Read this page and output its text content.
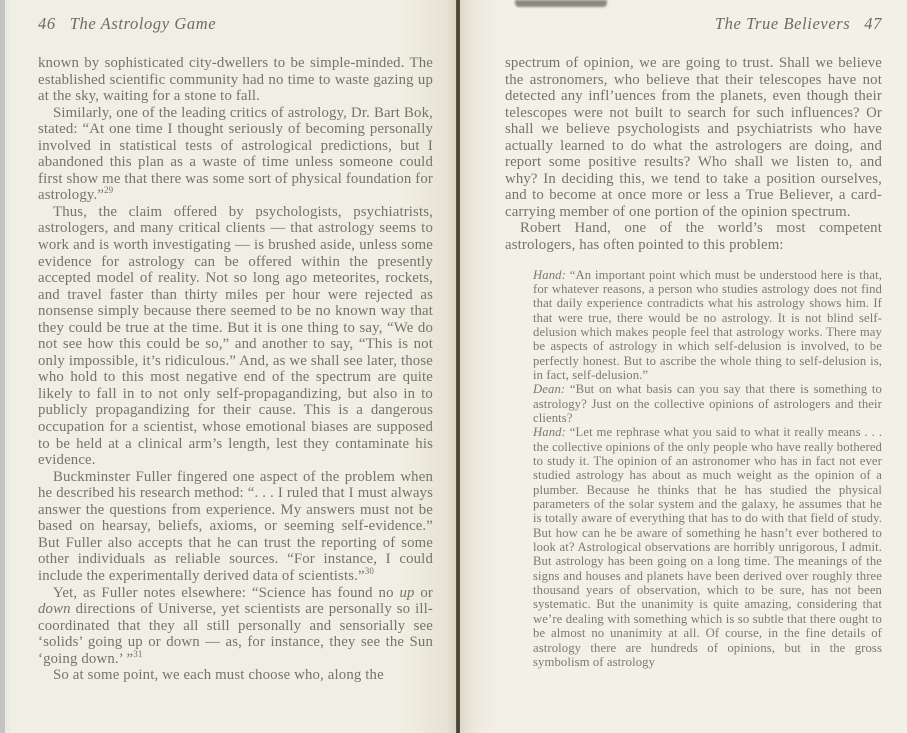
46 The Astrology Game

known by sophisticated city-dwellers to be simple-minded. The established scientific community had no time to waste gazing up at the sky, waiting for a stone to fall.

Similarly, one of the leading critics of astrology, Dr. Bart Bok, stated: “At one time I thought seriously of becoming personally involved in statistical tests of astrological predictions, but I abandoned this plan as a waste of time unless someone could first show me that there was some sort of physical foundation for astrology.”$^{29}$

Thus, the claim offered by psychologists, psychiatrists, astrologers, and many critical clients — that astrology seems to work and is worth investigating — is brushed aside, unless some evidence for astrology can be offered within the presently accepted model of reality. Not so long ago meteorites, rockets, and travel faster than thirty miles per hour were rejected as nonsense simply because there seemed to be no known way that they could be true at the time. But it is one thing to say, “We do not see how this could be so,” and another to say, “This is not only impossible, it’s ridiculous.” And, as we shall see later, those who hold to this most negative end of the spectrum are quite likely to fall in to not only self-propagandizing, but also in to publicly propagandizing for their cause. This is a dangerous occupation for a scientist, whose emotional biases are supposed to be held at a clinical arm’s length, lest they contaminate his evidence.

Buckminster Fuller fingered one aspect of the problem when he described his research method: “. . . I ruled that I must always answer the questions from experience. My answers must not be based on hearsay, beliefs, axioms, or seeming self-evidence.” But Fuller also accepts that he can trust the reporting of some other individuals as reliable sources. “For instance, I could include the experimentally derived data of scientists.”$^{30}$

Yet, as Fuller notes elsewhere: “Science has found no up or down directions of Universe, yet scientists are personally so ill-coordinated that they all still personally and sensorially see ‘solids’ going up or down — as, for instance, they see the Sun ‘going down.’ ”$^{31}$

So at some point, we each must choose who, along the

The True Believers 47

spectrum of opinion, we are going to trust. Shall we believe the astronomers, who believe that their telescopes have not detected any infl’uences from the planets, even though their telescopes were not built to search for such influences? Or shall we believe psychologists and psychiatrists who have actually learned to do what the astrologers are doing, and report some positive results? Who shall we listen to, and why? In deciding this, we tend to take a position ourselves, and to become at once more or less a True Believer, a card-carrying member of one portion of the opinion spectrum.

Robert Hand, one of the world’s most competent astrologers, has often pointed to this problem:

Hand: “An important point which must be understood here is that, for whatever reasons, a person who studies astrology does not find that daily experience contradicts what his astrology shows him. If that were true, there would be no astrology. It is not blind self-delusion which makes people feel that astrology works. There may be aspects of astrology in which self-delusion is involved, to be perfectly honest. But to ascribe the whole thing to self-delusion is, in fact, self-delusion.”

Dean: “But on what basis can you say that there is something to astrology? Just on the collective opinions of astrologers and their clients?

Hand: “Let me rephrase what you said to what it really means . . . the collective opinions of the only people who have really bothered to study it. The opinion of an astronomer who has in fact not ever studied astrology has about as much weight as the opinion of a plumber. Because he thinks that he has studied the physical parameters of the solar system and the galaxy, he assumes that he is totally aware of everything that has to do with that field of study. But how can he be aware of something he hasn’t ever bothered to look at? Astrological observations are horribly unrigorous, I admit. But astrology has been going on a long time. The meanings of the signs and houses and planets have been derived over roughly three thousand years of observation, which to be sure, has not been systematic. But the unanimity is quite amazing, considering that we’re dealing with something which is so subtle that there ought to be almost no unanimity at all. Of course, in the fine details of astrology there are hundreds of opinions, but in the gross symbolism of astrology
